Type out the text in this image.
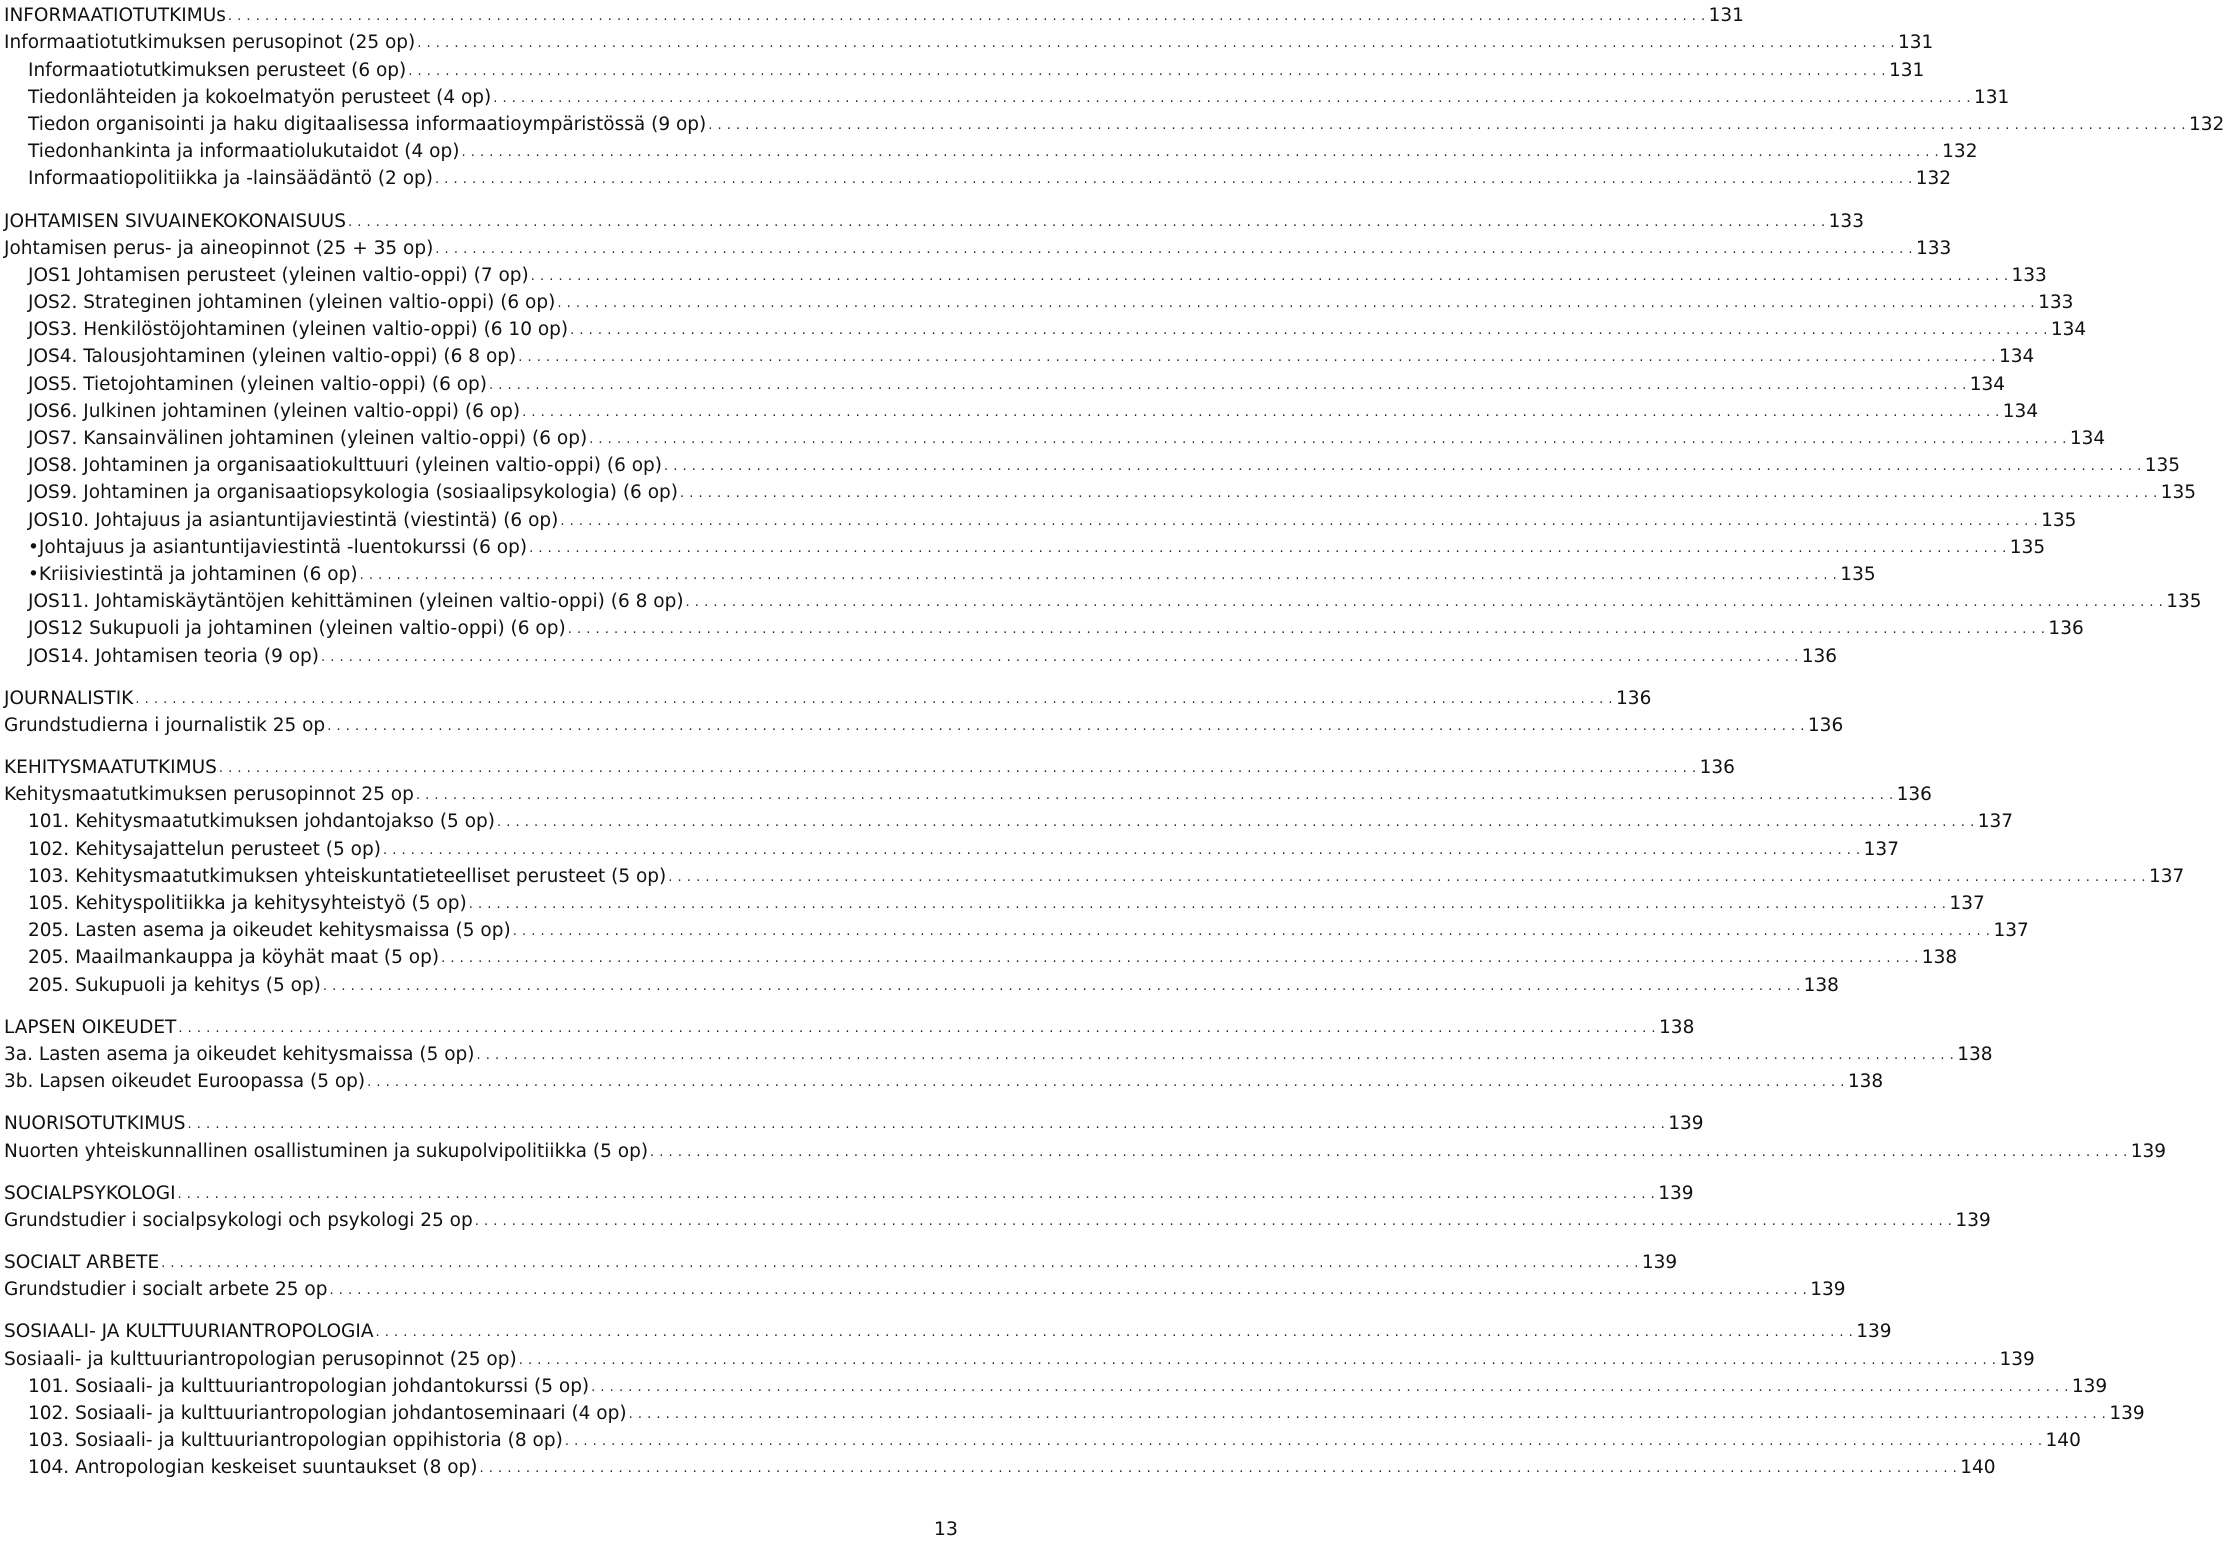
INFORMAATIOTUTKIMUs . . . . . . . . . . . . . . . . . . . . . . . . . . . . . . . . . . . . . . . . . . . . . . . . . . . . . . . . . . . . . . . . . . . . . . . . . . . . . . . . . . . . . . . . . . . . . . . . . . . . . . . . . . . . . . . . . . . . . . . . . . . . . . . . . . . . . . . . . . . . . . . . . . . . . . . . . . . . . . . . 131
Informaatiotutkimuksen perusopinot (25 op) . . . . . . . . . . . . . . . . . . . . . . . . . . . . . . . . . . . . . . . . . . . . . . . . . . . . . . . . . . . . . . . . . . . . . . . . . . . . . . . . . . . . . . . . . . . . . . . . . . . . . . . . . . . . . . . . . . . . . . . . . . . . . . . . . . . . . . . . . . . . . . . . . . . . . . . . . . . . . . . . 131
Informaatiotutkimuksen perusteet (6 op) . . . . . . . . . . . . . . . . . . . . . . . . . . . . . . . . . . . . . . . . . . . . . . . . . . . . . . . . . . . . . . . . . . . . . . . . . . . . . . . . . . . . . . . . . . . . . . . . . . . . . . . . . . . . . . . . . . . . . . . . . . . . . . . . . . . . . . . . . . . . . . . . . . . . . . . . . . . . . . . . 131
Tiedonlähteiden ja kokoelmatyön perusteet (4 op) . . . . . . . . . . . . . . . . . . . . . . . . . . . . . . . . . . . . . . . . . . . . . . . . . . . . . . . . . . . . . . . . . . . . . . . . . . . . . . . . . . . . . . . . . . . . . . . . . . . . . . . . . . . . . . . . . . . . . . . . . . . . . . . . . . . . . . . . . . . . . . . . . . . . . . . . . . . . . . . . 131
Tiedon organisointi ja haku digitaalisessa informaatioympäristössä (9 op) . . . . . . . . . . . . . . . . . . . . . . . . . . . . . . . . . . . . . . . . . . . . . . . . . . . . . . . . . . . . . . . . . . . . . . . . . . . . . . . . . . . . . . . . . . . . . . . . . . . . . . . . . . . . . . . . . . . . . . . . . . . . . . . . . . . . . . . . . . . . . . . . . . . . . . . . . . . . . . . . 132
Tiedonhankinta ja informaatiolukutaidot (4 op) . . . . . . . . . . . . . . . . . . . . . . . . . . . . . . . . . . . . . . . . . . . . . . . . . . . . . . . . . . . . . . . . . . . . . . . . . . . . . . . . . . . . . . . . . . . . . . . . . . . . . . . . . . . . . . . . . . . . . . . . . . . . . . . . . . . . . . . . . . . . . . . . . . . . . . . . . . . . . . . . 132
Informaatiopolitiikka ja -lainsäädäntö (2 op) . . . . . . . . . . . . . . . . . . . . . . . . . . . . . . . . . . . . . . . . . . . . . . . . . . . . . . . . . . . . . . . . . . . . . . . . . . . . . . . . . . . . . . . . . . . . . . . . . . . . . . . . . . . . . . . . . . . . . . . . . . . . . . . . . . . . . . . . . . . . . . . . . . . . . . . . . . . . . . . . 132
JOHTAMISEN SIVUAINEKOKONAISUUS . . . . . . . . . . . . . . . . . . . . . . . . . . . . . . . . . . . . . . . . . . . . . . . . . . . . . . . . . . . . . . . . . . . . . . . . . . . . . . . . . . . . . . . . . . . . . . . . . . . . . . . . . . . . . . . . . . . . . . . . . . . . . . . . . . . . . . . . . . . . . . . . . . . . . . . . . . . . . . . . 133
Johtamisen perus- ja aineopinnot (25 + 35 op) . . . . . . . . . . . . . . . . . . . . . . . . . . . . . . . . . . . . . . . . . . . . . . . . . . . . . . . . . . . . . . . . . . . . . . . . . . . . . . . . . . . . . . . . . . . . . . . . . . . . . . . . . . . . . . . . . . . . . . . . . . . . . . . . . . . . . . . . . . . . . . . . . . . . . . . . . . . . . . . . 133
JOS1 Johtamisen perusteet (yleinen valtio-oppi) (7 op) . . . . . . . . . . . . . . . . . . . . . . . . . . . . . . . . . . . . . . . . . . . . . . . . . . . . . . . . . . . . . . . . . . . . . . . . . . . . . . . . . . . . . . . . . . . . . . . . . . . . . . . . . . . . . . . . . . . . . . . . . . . . . . . . . . . . . . . . . . . . . . . . . . . . . . . . . . . . . . . . 133
JOS2. Strateginen johtaminen (yleinen valtio-oppi) (6 op) . . . . . . . . . . . . . . . . . . . . . . . . . . . . . . . . . . . . . . . . . . . . . . . . . . . . . . . . . . . . . . . . . . . . . . . . . . . . . . . . . . . . . . . . . . . . . . . . . . . . . . . . . . . . . . . . . . . . . . . . . . . . . . . . . . . . . . . . . . . . . . . . . . . . . . . . . . . . . . . . 133
JOS3. Henkilöstöjohtaminen (yleinen valtio-oppi) (6 10 op) . . . . . . . . . . . . . . . . . . . . . . . . . . . . . . . . . . . . . . . . . . . . . . . . . . . . . . . . . . . . . . . . . . . . . . . . . . . . . . . . . . . . . . . . . . . . . . . . . . . . . . . . . . . . . . . . . . . . . . . . . . . . . . . . . . . . . . . . . . . . . . . . . . . . . . . . . . . . . . . . 134
JOS4. Talousjohtaminen (yleinen valtio-oppi) (6 8 op) . . . . . . . . . . . . . . . . . . . . . . . . . . . . . . . . . . . . . . . . . . . . . . . . . . . . . . . . . . . . . . . . . . . . . . . . . . . . . . . . . . . . . . . . . . . . . . . . . . . . . . . . . . . . . . . . . . . . . . . . . . . . . . . . . . . . . . . . . . . . . . . . . . . . . . . . . . . . . . . . 134
JOS5. Tietojohtaminen (yleinen valtio-oppi) (6 op) . . . . . . . . . . . . . . . . . . . . . . . . . . . . . . . . . . . . . . . . . . . . . . . . . . . . . . . . . . . . . . . . . . . . . . . . . . . . . . . . . . . . . . . . . . . . . . . . . . . . . . . . . . . . . . . . . . . . . . . . . . . . . . . . . . . . . . . . . . . . . . . . . . . . . . . . . . . . . . . . 134
JOS6. Julkinen johtaminen (yleinen valtio-oppi) (6 op) . . . . . . . . . . . . . . . . . . . . . . . . . . . . . . . . . . . . . . . . . . . . . . . . . . . . . . . . . . . . . . . . . . . . . . . . . . . . . . . . . . . . . . . . . . . . . . . . . . . . . . . . . . . . . . . . . . . . . . . . . . . . . . . . . . . . . . . . . . . . . . . . . . . . . . . . . . . . . . . . 134
JOS7. Kansainvälinen johtaminen (yleinen valtio-oppi) (6 op) . . . . . . . . . . . . . . . . . . . . . . . . . . . . . . . . . . . . . . . . . . . . . . . . . . . . . . . . . . . . . . . . . . . . . . . . . . . . . . . . . . . . . . . . . . . . . . . . . . . . . . . . . . . . . . . . . . . . . . . . . . . . . . . . . . . . . . . . . . . . . . . . . . . . . . . . . . . . . . . . 134
JOS8. Johtaminen ja organisaatiokulttuuri (yleinen valtio-oppi) (6 op) . . . . . . . . . . . . . . . . . . . . . . . . . . . . . . . . . . . . . . . . . . . . . . . . . . . . . . . . . . . . . . . . . . . . . . . . . . . . . . . . . . . . . . . . . . . . . . . . . . . . . . . . . . . . . . . . . . . . . . . . . . . . . . . . . . . . . . . . . . . . . . . . . . . . . . . . . . . . . . . . 135
JOS9. Johtaminen ja organisaatiopsykologia (sosiaalipsykologia) (6 op) . . . . . . . . . . . . . . . . . . . . . . . . . . . . . . . . . . . . . . . . . . . . . . . . . . . . . . . . . . . . . . . . . . . . . . . . . . . . . . . . . . . . . . . . . . . . . . . . . . . . . . . . . . . . . . . . . . . . . . . . . . . . . . . . . . . . . . . . . . . . . . . . . . . . . . . . . . . . . . . . 135
JOS10. Johtajuus ja asiantuntijaviestintä (viestintä) (6 op) . . . . . . . . . . . . . . . . . . . . . . . . . . . . . . . . . . . . . . . . . . . . . . . . . . . . . . . . . . . . . . . . . . . . . . . . . . . . . . . . . . . . . . . . . . . . . . . . . . . . . . . . . . . . . . . . . . . . . . . . . . . . . . . . . . . . . . . . . . . . . . . . . . . . . . . . . . . . . . . . 135
• Johtajuus ja asiantuntijaviestintä -luentokurssi (6 op) . . . . . . . . . . . . . . . . . . . . . . . . . . . . . . . . . . . . . . . . . . . . . . . . . . . . . . . . . . . . . . . . . . . . . . . . . . . . . . . . . . . . . . . . . . . . . . . . . . . . . . . . . . . . . . . . . . . . . . . . . . . . . . . . . . . . . . . . . . . . . . . . . . . . . . . . . . . . . . . . 135
• Kriisiviestintä ja johtaminen (6 op) . . . . . . . . . . . . . . . . . . . . . . . . . . . . . . . . . . . . . . . . . . . . . . . . . . . . . . . . . . . . . . . . . . . . . . . . . . . . . . . . . . . . . . . . . . . . . . . . . . . . . . . . . . . . . . . . . . . . . . . . . . . . . . . . . . . . . . . . . . . . . . . . . . . . . . . . . . . . . . . . 135
JOS11. Johtamiskäytäntöjen kehittäminen (yleinen valtio-oppi) (6 8 op) . . . . . . . . . . . . . . . . . . . . . . . . . . . . . . . . . . . . . . . . . . . . . . . . . . . . . . . . . . . . . . . . . . . . . . . . . . . . . . . . . . . . . . . . . . . . . . . . . . . . . . . . . . . . . . . . . . . . . . . . . . . . . . . . . . . . . . . . . . . . . . . . . . . . . . . . . . . . . . . . 135
JOS12 Sukupuoli ja johtaminen (yleinen valtio-oppi) (6 op) . . . . . . . . . . . . . . . . . . . . . . . . . . . . . . . . . . . . . . . . . . . . . . . . . . . . . . . . . . . . . . . . . . . . . . . . . . . . . . . . . . . . . . . . . . . . . . . . . . . . . . . . . . . . . . . . . . . . . . . . . . . . . . . . . . . . . . . . . . . . . . . . . . . . . . . . . . . . . . . . 136
JOS14. Johtamisen teoria (9 op) . . . . . . . . . . . . . . . . . . . . . . . . . . . . . . . . . . . . . . . . . . . . . . . . . . . . . . . . . . . . . . . . . . . . . . . . . . . . . . . . . . . . . . . . . . . . . . . . . . . . . . . . . . . . . . . . . . . . . . . . . . . . . . . . . . . . . . . . . . . . . . . . . . . . . . . . . . . . . . . . 136
JOURNALISTIK . . . . . . . . . . . . . . . . . . . . . . . . . . . . . . . . . . . . . . . . . . . . . . . . . . . . . . . . . . . . . . . . . . . . . . . . . . . . . . . . . . . . . . . . . . . . . . . . . . . . . . . . . . . . . . . . . . . . . . . . . . . . . . . . . . . . . . . . . . . . . . . . . . . . . . . . . . . . . . . . 136
Grundstudierna i journalistik 25 op . . . . . . . . . . . . . . . . . . . . . . . . . . . . . . . . . . . . . . . . . . . . . . . . . . . . . . . . . . . . . . . . . . . . . . . . . . . . . . . . . . . . . . . . . . . . . . . . . . . . . . . . . . . . . . . . . . . . . . . . . . . . . . . . . . . . . . . . . . . . . . . . . . . . . . . . . . . . . . . . 136
KEHITYSMAATUTKIMUS . . . . . . . . . . . . . . . . . . . . . . . . . . . . . . . . . . . . . . . . . . . . . . . . . . . . . . . . . . . . . . . . . . . . . . . . . . . . . . . . . . . . . . . . . . . . . . . . . . . . . . . . . . . . . . . . . . . . . . . . . . . . . . . . . . . . . . . . . . . . . . . . . . . . . . . . . . . . . . . . 136
Kehitysmaatutkimuksen perusopinnot 25 op . . . . . . . . . . . . . . . . . . . . . . . . . . . . . . . . . . . . . . . . . . . . . . . . . . . . . . . . . . . . . . . . . . . . . . . . . . . . . . . . . . . . . . . . . . . . . . . . . . . . . . . . . . . . . . . . . . . . . . . . . . . . . . . . . . . . . . . . . . . . . . . . . . . . . . . . . . . . . . . . 136
101. Kehitysmaatutkimuksen johdantojakso (5 op) . . . . . . . . . . . . . . . . . . . . . . . . . . . . . . . . . . . . . . . . . . . . . . . . . . . . . . . . . . . . . . . . . . . . . . . . . . . . . . . . . . . . . . . . . . . . . . . . . . . . . . . . . . . . . . . . . . . . . . . . . . . . . . . . . . . . . . . . . . . . . . . . . . . . . . . . . . . . . . . . 137
102. Kehitysajattelun perusteet (5 op) . . . . . . . . . . . . . . . . . . . . . . . . . . . . . . . . . . . . . . . . . . . . . . . . . . . . . . . . . . . . . . . . . . . . . . . . . . . . . . . . . . . . . . . . . . . . . . . . . . . . . . . . . . . . . . . . . . . . . . . . . . . . . . . . . . . . . . . . . . . . . . . . . . . . . . . . . . . . . . . . 137
103. Kehitysmaatutkimuksen yhteiskuntatieteelliset perusteet (5 op) . . . . . . . . . . . . . . . . . . . . . . . . . . . . . . . . . . . . . . . . . . . . . . . . . . . . . . . . . . . . . . . . . . . . . . . . . . . . . . . . . . . . . . . . . . . . . . . . . . . . . . . . . . . . . . . . . . . . . . . . . . . . . . . . . . . . . . . . . . . . . . . . . . . . . . . . . . . . . . . . 137
105. Kehityspolitiikka ja kehitysyhteistyö (5 op) . . . . . . . . . . . . . . . . . . . . . . . . . . . . . . . . . . . . . . . . . . . . . . . . . . . . . . . . . . . . . . . . . . . . . . . . . . . . . . . . . . . . . . . . . . . . . . . . . . . . . . . . . . . . . . . . . . . . . . . . . . . . . . . . . . . . . . . . . . . . . . . . . . . . . . . . . . . . . . . . 137
205. Lasten asema ja oikeudet kehitysmaissa (5 op) . . . . . . . . . . . . . . . . . . . . . . . . . . . . . . . . . . . . . . . . . . . . . . . . . . . . . . . . . . . . . . . . . . . . . . . . . . . . . . . . . . . . . . . . . . . . . . . . . . . . . . . . . . . . . . . . . . . . . . . . . . . . . . . . . . . . . . . . . . . . . . . . . . . . . . . . . . . . . . . . 137
205. Maailmankauppa ja köyhät maat (5 op) . . . . . . . . . . . . . . . . . . . . . . . . . . . . . . . . . . . . . . . . . . . . . . . . . . . . . . . . . . . . . . . . . . . . . . . . . . . . . . . . . . . . . . . . . . . . . . . . . . . . . . . . . . . . . . . . . . . . . . . . . . . . . . . . . . . . . . . . . . . . . . . . . . . . . . . . . . . . . . . . 138
205. Sukupuoli ja kehitys (5 op) . . . . . . . . . . . . . . . . . . . . . . . . . . . . . . . . . . . . . . . . . . . . . . . . . . . . . . . . . . . . . . . . . . . . . . . . . . . . . . . . . . . . . . . . . . . . . . . . . . . . . . . . . . . . . . . . . . . . . . . . . . . . . . . . . . . . . . . . . . . . . . . . . . . . . . . . . . . . . . . . 138
LAPSEN OIKEUDET . . . . . . . . . . . . . . . . . . . . . . . . . . . . . . . . . . . . . . . . . . . . . . . . . . . . . . . . . . . . . . . . . . . . . . . . . . . . . . . . . . . . . . . . . . . . . . . . . . . . . . . . . . . . . . . . . . . . . . . . . . . . . . . . . . . . . . . . . . . . . . . . . . . . . . . . . . . . . . . . 138
3a. Lasten asema ja oikeudet kehitysmaissa (5 op) . . . . . . . . . . . . . . . . . . . . . . . . . . . . . . . . . . . . . . . . . . . . . . . . . . . . . . . . . . . . . . . . . . . . . . . . . . . . . . . . . . . . . . . . . . . . . . . . . . . . . . . . . . . . . . . . . . . . . . . . . . . . . . . . . . . . . . . . . . . . . . . . . . . . . . . . . . . . . . . . 138
3b. Lapsen oikeudet Euroopassa (5 op) . . . . . . . . . . . . . . . . . . . . . . . . . . . . . . . . . . . . . . . . . . . . . . . . . . . . . . . . . . . . . . . . . . . . . . . . . . . . . . . . . . . . . . . . . . . . . . . . . . . . . . . . . . . . . . . . . . . . . . . . . . . . . . . . . . . . . . . . . . . . . . . . . . . . . . . . . . . . . . . . 138
NUORISOTUTKIMUS . . . . . . . . . . . . . . . . . . . . . . . . . . . . . . . . . . . . . . . . . . . . . . . . . . . . . . . . . . . . . . . . . . . . . . . . . . . . . . . . . . . . . . . . . . . . . . . . . . . . . . . . . . . . . . . . . . . . . . . . . . . . . . . . . . . . . . . . . . . . . . . . . . . . . . . . . . . . . . . . 139
Nuorten yhteiskunnallinen osallistuminen ja sukupolvipolitiikka (5 op) . . . . . . . . . . . . . . . . . . . . . . . . . . . . . . . . . . . . . . . . . . . . . . . . . . . . . . . . . . . . . . . . . . . . . . . . . . . . . . . . . . . . . . . . . . . . . . . . . . . . . . . . . . . . . . . . . . . . . . . . . . . . . . . . . . . . . . . . . . . . . . . . . . . . . . . . . . . . . . . . 139
SOCIALPSYKOLOGI . . . . . . . . . . . . . . . . . . . . . . . . . . . . . . . . . . . . . . . . . . . . . . . . . . . . . . . . . . . . . . . . . . . . . . . . . . . . . . . . . . . . . . . . . . . . . . . . . . . . . . . . . . . . . . . . . . . . . . . . . . . . . . . . . . . . . . . . . . . . . . . . . . . . . . . . . . . . . . . . 139
Grundstudier i socialpsykologi och psykologi 25 op . . . . . . . . . . . . . . . . . . . . . . . . . . . . . . . . . . . . . . . . . . . . . . . . . . . . . . . . . . . . . . . . . . . . . . . . . . . . . . . . . . . . . . . . . . . . . . . . . . . . . . . . . . . . . . . . . . . . . . . . . . . . . . . . . . . . . . . . . . . . . . . . . . . . . . . . . . . . . . . . 139
SOCIALT ARBETE . . . . . . . . . . . . . . . . . . . . . . . . . . . . . . . . . . . . . . . . . . . . . . . . . . . . . . . . . . . . . . . . . . . . . . . . . . . . . . . . . . . . . . . . . . . . . . . . . . . . . . . . . . . . . . . . . . . . . . . . . . . . . . . . . . . . . . . . . . . . . . . . . . . . . . . . . . . . . . . . 139
Grundstudier i socialt arbete 25 op . . . . . . . . . . . . . . . . . . . . . . . . . . . . . . . . . . . . . . . . . . . . . . . . . . . . . . . . . . . . . . . . . . . . . . . . . . . . . . . . . . . . . . . . . . . . . . . . . . . . . . . . . . . . . . . . . . . . . . . . . . . . . . . . . . . . . . . . . . . . . . . . . . . . . . . . . . . . . . . . 139
SOSIAALI- JA KULTTUURIANTROPOLOGIA . . . . . . . . . . . . . . . . . . . . . . . . . . . . . . . . . . . . . . . . . . . . . . . . . . . . . . . . . . . . . . . . . . . . . . . . . . . . . . . . . . . . . . . . . . . . . . . . . . . . . . . . . . . . . . . . . . . . . . . . . . . . . . . . . . . . . . . . . . . . . . . . . . . . . . . . . . . . . . . . 139
Sosiaali- ja kulttuuriantropologian perusopinnot (25 op) . . . . . . . . . . . . . . . . . . . . . . . . . . . . . . . . . . . . . . . . . . . . . . . . . . . . . . . . . . . . . . . . . . . . . . . . . . . . . . . . . . . . . . . . . . . . . . . . . . . . . . . . . . . . . . . . . . . . . . . . . . . . . . . . . . . . . . . . . . . . . . . . . . . . . . . . . . . . . . . . 139
101. Sosiaali- ja kulttuuriantropologian johdantokurssi (5 op) . . . . . . . . . . . . . . . . . . . . . . . . . . . . . . . . . . . . . . . . . . . . . . . . . . . . . . . . . . . . . . . . . . . . . . . . . . . . . . . . . . . . . . . . . . . . . . . . . . . . . . . . . . . . . . . . . . . . . . . . . . . . . . . . . . . . . . . . . . . . . . . . . . . . . . . . . . . . . . . . 139
102. Sosiaali- ja kulttuuriantropologian johdantoseminaari (4 op) . . . . . . . . . . . . . . . . . . . . . . . . . . . . . . . . . . . . . . . . . . . . . . . . . . . . . . . . . . . . . . . . . . . . . . . . . . . . . . . . . . . . . . . . . . . . . . . . . . . . . . . . . . . . . . . . . . . . . . . . . . . . . . . . . . . . . . . . . . . . . . . . . . . . . . . . . . . . . . . . 139
103. Sosiaali- ja kulttuuriantropologian oppihistoria (8 op) . . . . . . . . . . . . . . . . . . . . . . . . . . . . . . . . . . . . . . . . . . . . . . . . . . . . . . . . . . . . . . . . . . . . . . . . . . . . . . . . . . . . . . . . . . . . . . . . . . . . . . . . . . . . . . . . . . . . . . . . . . . . . . . . . . . . . . . . . . . . . . . . . . . . . . . . . . . . . . . . 140
104. Antropologian keskeiset suuntaukset (8 op) . . . . . . . . . . . . . . . . . . . . . . . . . . . . . . . . . . . . . . . . . . . . . . . . . . . . . . . . . . . . . . . . . . . . . . . . . . . . . . . . . . . . . . . . . . . . . . . . . . . . . . . . . . . . . . . . . . . . . . . . . . . . . . . . . . . . . . . . . . . . . . . . . . . . . . . . . . . . . . . . 140
13
